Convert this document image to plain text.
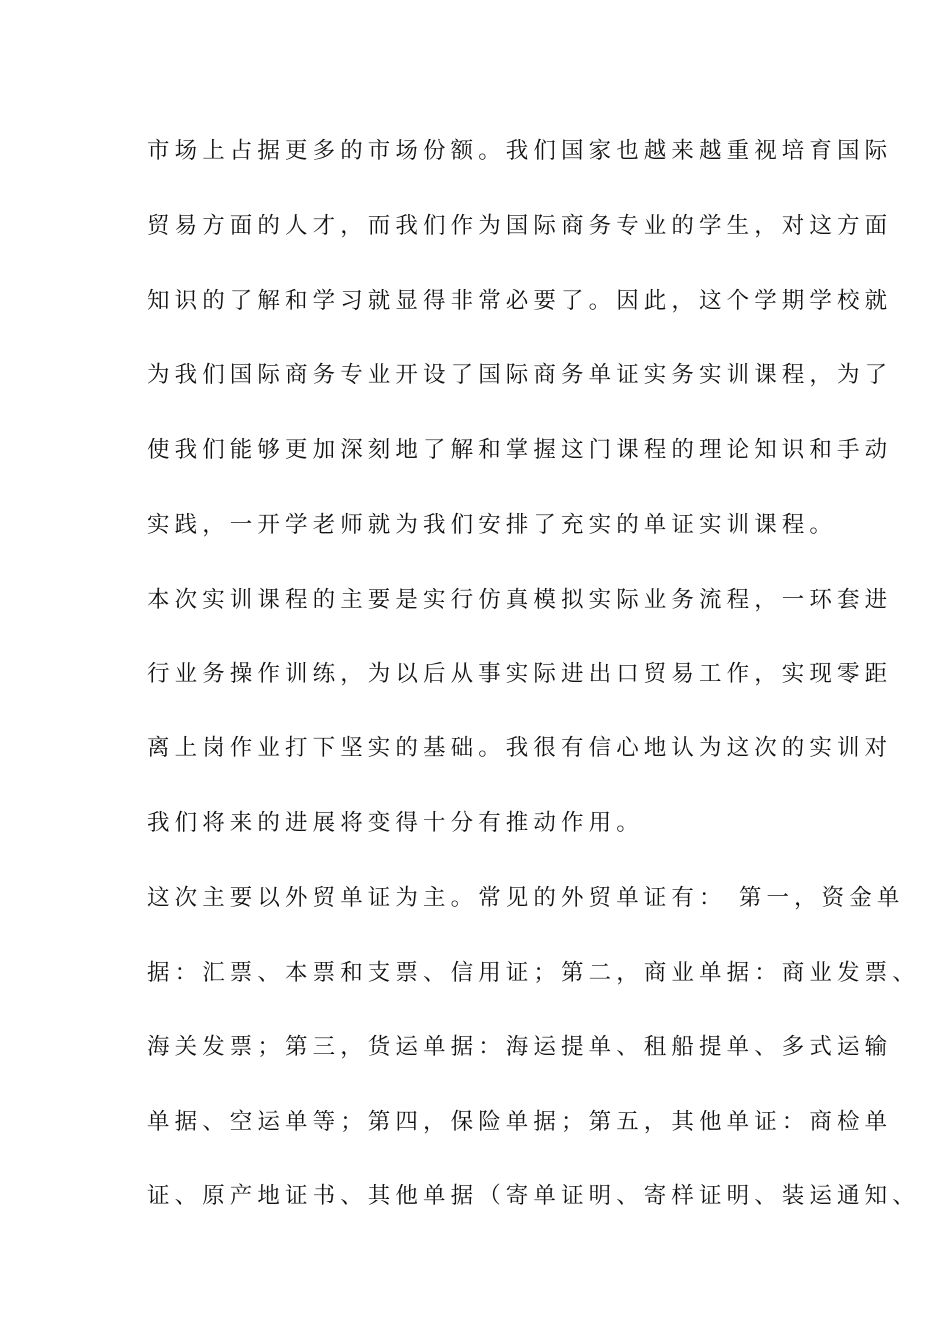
市场上占据更多的市场份额。我们国家也越来越重视培育国际
贸易方面的人才，而我们作为国际商务专业的学生，对这方面
知识的了解和学习就显得非常必要了。因此，这个学期学校就
为我们国际商务专业开设了国际商务单证实务实训课程，为了
使我们能够更加深刻地了解和掌握这门课程的理论知识和手动
实践，一开学老师就为我们安排了充实的单证实训课程。
本次实训课程的主要是实行仿真模拟实际业务流程，一环套进
行业务操作训练，为以后从事实际进出口贸易工作，实现零距
离上岗作业打下坚实的基础。我很有信心地认为这次的实训对
我们将来的进展将变得十分有推动作用。
这次主要以外贸单证为主。常见的外贸单证有： 第一，资金单
据：汇票、本票和支票、信用证；第二，商业单据：商业发票、
海关发票；第三，货运单据：海运提单、租船提单、多式运输
单据、空运单等；第四，保险单据；第五，其他单证：商检单
证、原产地证书、其他单据（寄单证明、寄样证明、装运通知、
